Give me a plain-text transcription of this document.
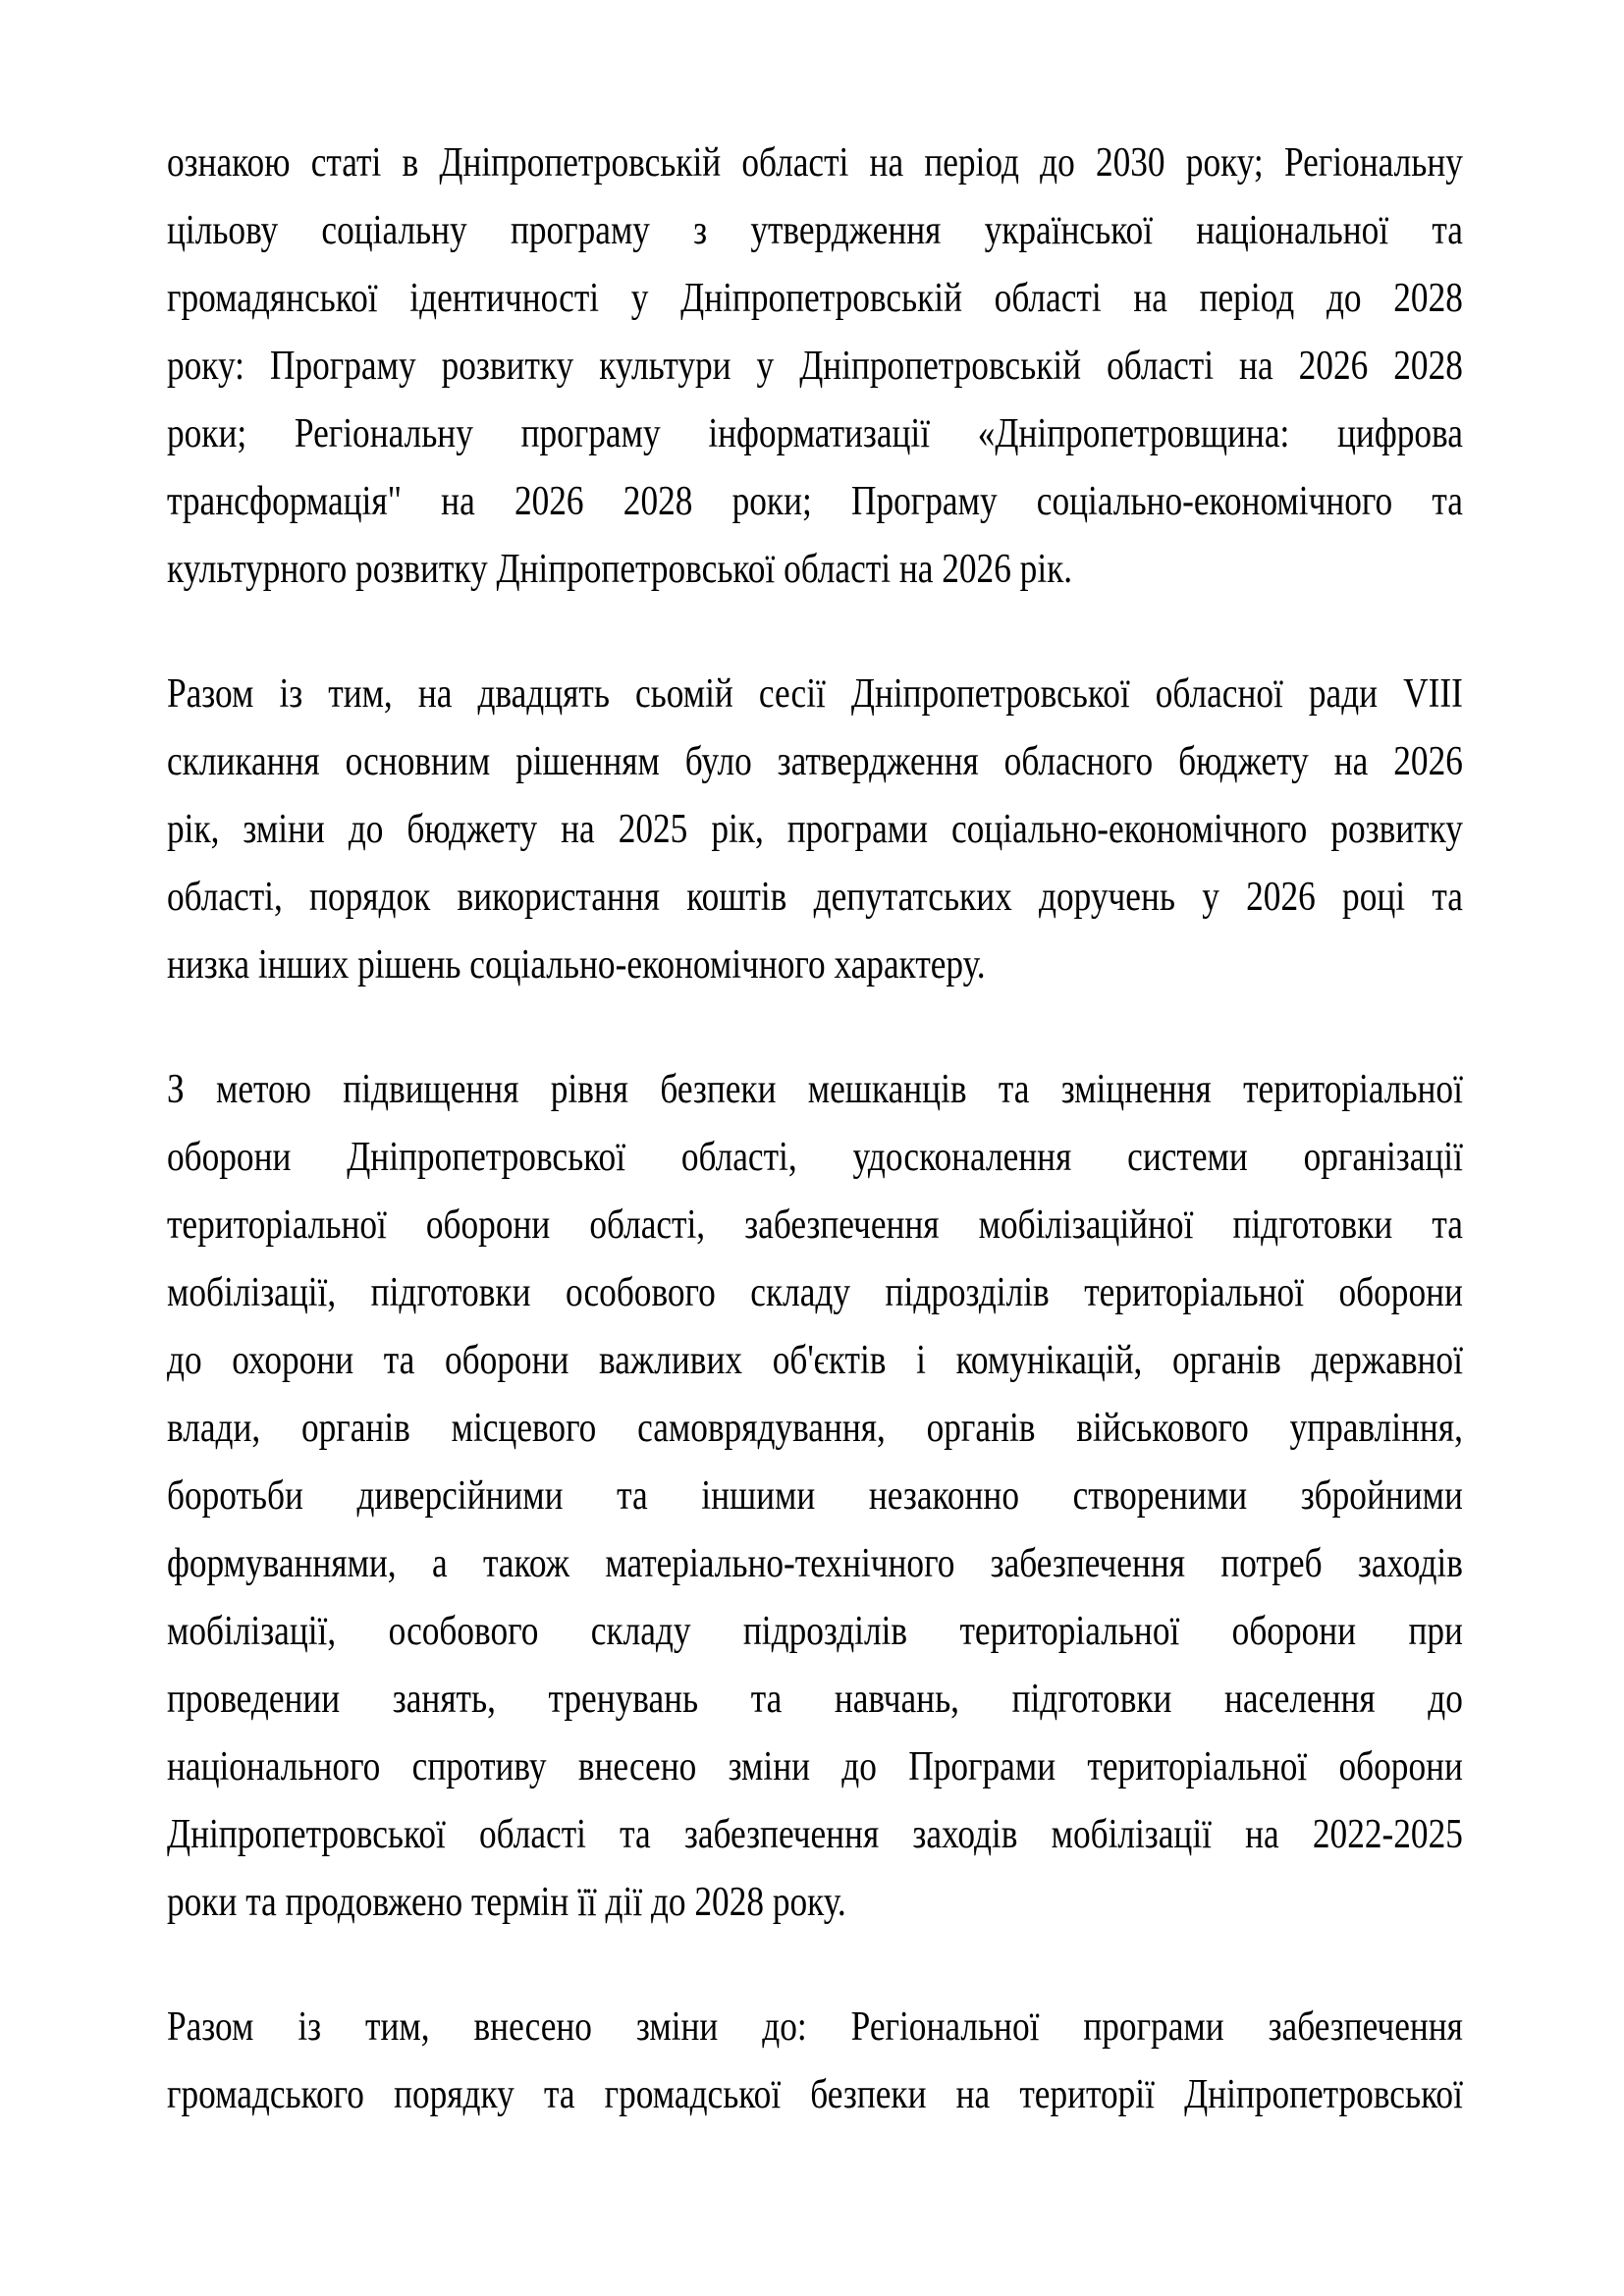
ознакою статі в Дніпропетровській області на період до 2030 року; Регіональну
цільову соціальну програму з утвердження української національної та
громадянської ідентичності у Дніпропетровській області на період до 2028
року: Програму розвитку культури у Дніпропетровській області на 2026 2028
роки; Регіональну програму інформатизації «Дніпропетровщина: цифрова
трансформація" на 2026 2028 роки; Програму соціально-економічного та
культурного розвитку Дніпропетровської області на 2026 рік.
Разом із тим, на двадцять сьомій сесії Дніпропетровської обласної ради VIII
скликання основним рішенням було затвердження обласного бюджету на 2026
рік, зміни до бюджету на 2025 рік, програми соціально-економічного розвитку
області, порядок використання коштів депутатських доручень у 2026 році та
низка інших рішень соціально-економічного характеру.
З метою підвищення рівня безпеки мешканців та зміцнення територіальної
оборони Дніпропетровської області, удосконалення системи організації
територіальної оборони області, забезпечення мобілізаційної підготовки та
мобілізації, підготовки особового складу підрозділів територіальної оборони
до охорони та оборони важливих об'єктів і комунікацій, органів державної
влади, органів місцевого самоврядування, органів військового управління,
боротьби диверсійними та іншими незаконно створеними збройними
формуваннями, а також матеріально-технічного забезпечення потреб заходів
мобілізації, особового складу підрозділів територіальної оборони при
проведении занять, тренувань та навчань, підготовки населення до
національного спротиву внесено зміни до Програми територіальної оборони
Дніпропетровської області та забезпечення заходів мобілізації на 2022-2025
роки та продовжено термін її дії до 2028 року.
Разом із тим, внесено зміни до: Регіональної програми забезпечення
громадського порядку та громадської безпеки на території Дніпропетровської
